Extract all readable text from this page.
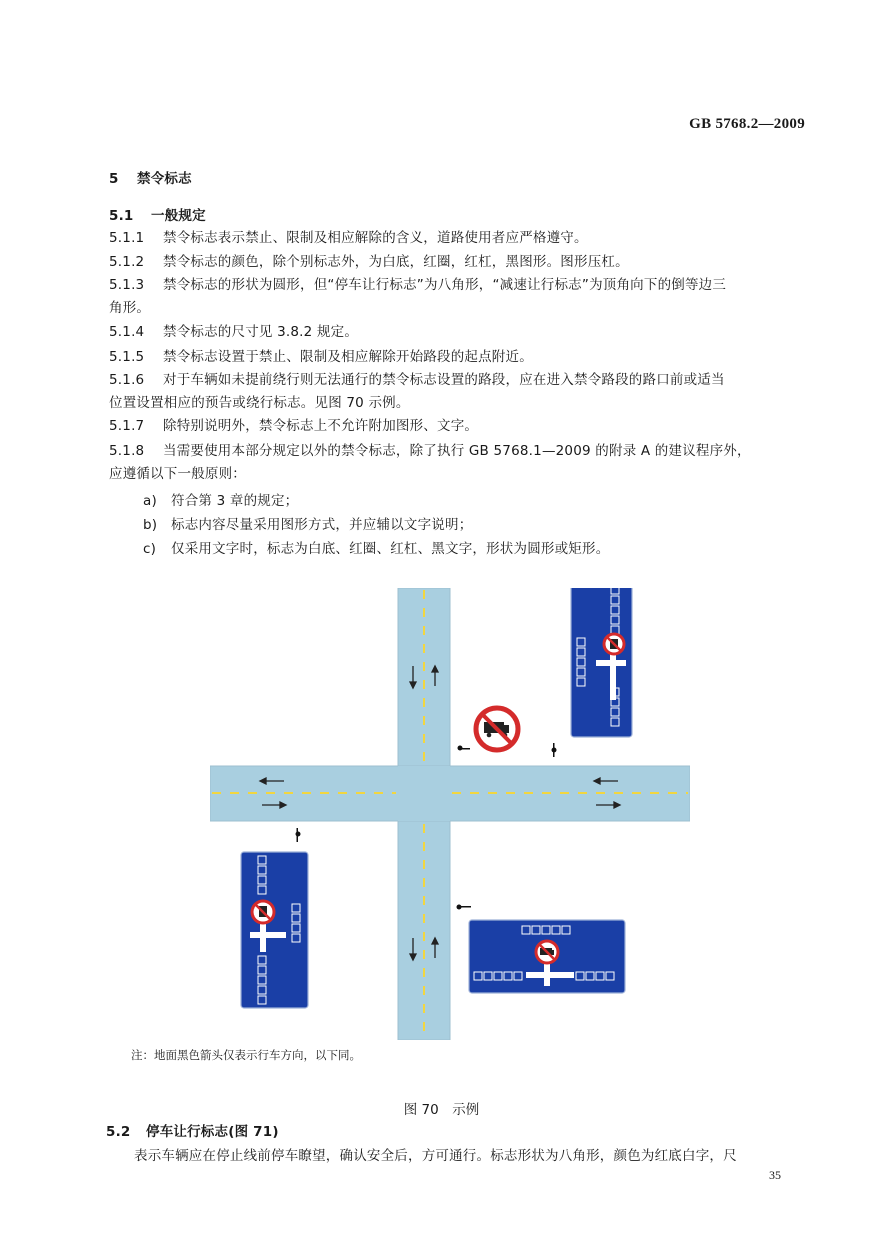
GB 5768.2—2009
5 禁令标志
5.1 一般规定
5.1.1 禁令标志表示禁止、限制及相应解除的含义，道路使用者应严格遵守。
5.1.2 禁令标志的颜色，除个别标志外，为白底，红圈，红杠，黑图形。图形压杠。
5.1.3 禁令标志的形状为圆形，但“停车让行标志”为八角形，“减速让行标志”为顶角向下的倒等边三
角形。
5.1.4 禁令标志的尺寸见 3.8.2 规定。
5.1.5 禁令标志设置于禁止、限制及相应解除开始路段的起点附近。
5.1.6 对于车辆如未提前绕行则无法通行的禁令标志设置的路段，应在进入禁令路段的路口前或适当
位置设置相应的预告或绕行标志。见图 70 示例。
5.1.7 除特别说明外，禁令标志上不允许附加图形、文字。
5.1.8 当需要使用本部分规定以外的禁令标志，除了执行 GB 5768.1—2009 的附录 A 的建议程序外，
应遵循以下一般原则：
a) 符合第 3 章的规定；
b) 标志内容尽量采用图形方式，并应辅以文字说明；
c) 仅采用文字时，标志为白底、红圈、红杠、黑文字，形状为圆形或矩形。
注：地面黑色箭头仅表示行车方向，以下同。
图 70　示例
5.2 停车让行标志(图 71)
表示车辆应在停止线前停车瞭望，确认安全后，方可通行。标志形状为八角形，颜色为红底白字，尺
35
